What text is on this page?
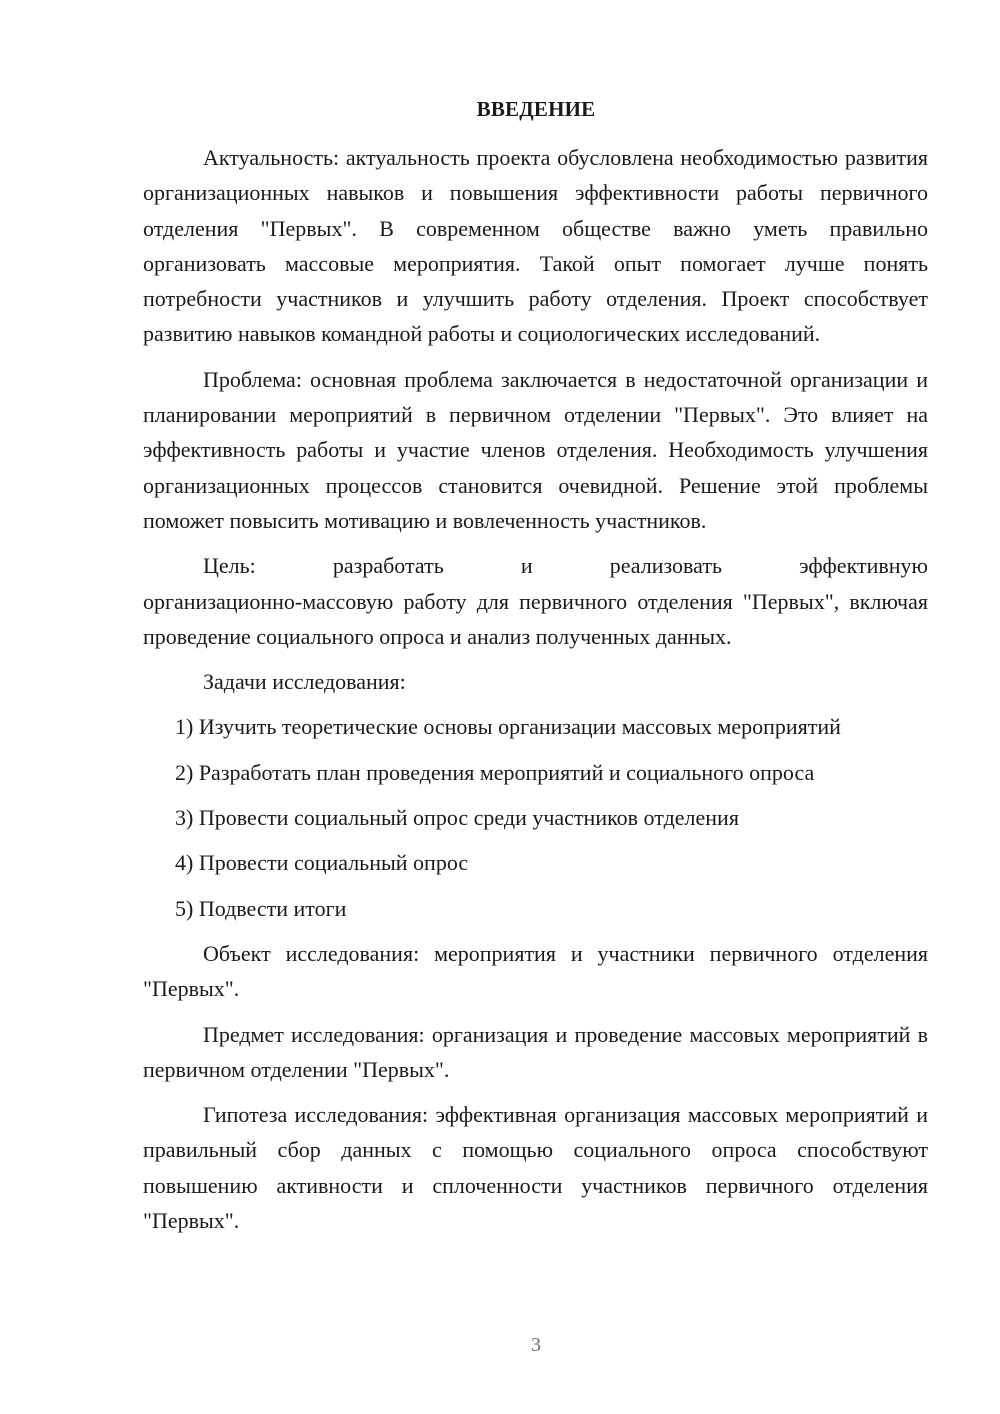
ВВЕДЕНИЕ

Актуальность: актуальность проекта обусловлена необходимостью развития организационных навыков и повышения эффективности работы первичного отделения "Первых". В современном обществе важно уметь правильно организовать массовые мероприятия. Такой опыт помогает лучше понять потребности участников и улучшить работу отделения. Проект способствует развитию навыков командной работы и социологических исследований.

Проблема: основная проблема заключается в недостаточной организации и планировании мероприятий в первичном отделении "Первых". Это влияет на эффективность работы и участие членов отделения. Необходимость улучшения организационных процессов становится очевидной. Решение этой проблемы поможет повысить мотивацию и вовлеченность участников.

Цель:	разработать	и	реализовать	эффективную

организационно-массовую работу для первичного отделения "Первых", включая проведение социального опроса и анализ полученных данных.

Задачи исследования:

1) Изучить теоретические основы организации массовых мероприятий

2) Разработать план проведения мероприятий и социального опроса

3) Провести социальный опрос среди участников отделения

4) Провести социальный опрос

5) Подвести итоги

Объект исследования: мероприятия и участники первичного отделения "Первых".

Предмет исследования: организация и проведение массовых мероприятий в первичном отделении "Первых".

Гипотеза исследования: эффективная организация массовых мероприятий и правильный сбор данных с помощью социального опроса способствуют повышению активности и сплоченности участников первичного отделения "Первых".

3
